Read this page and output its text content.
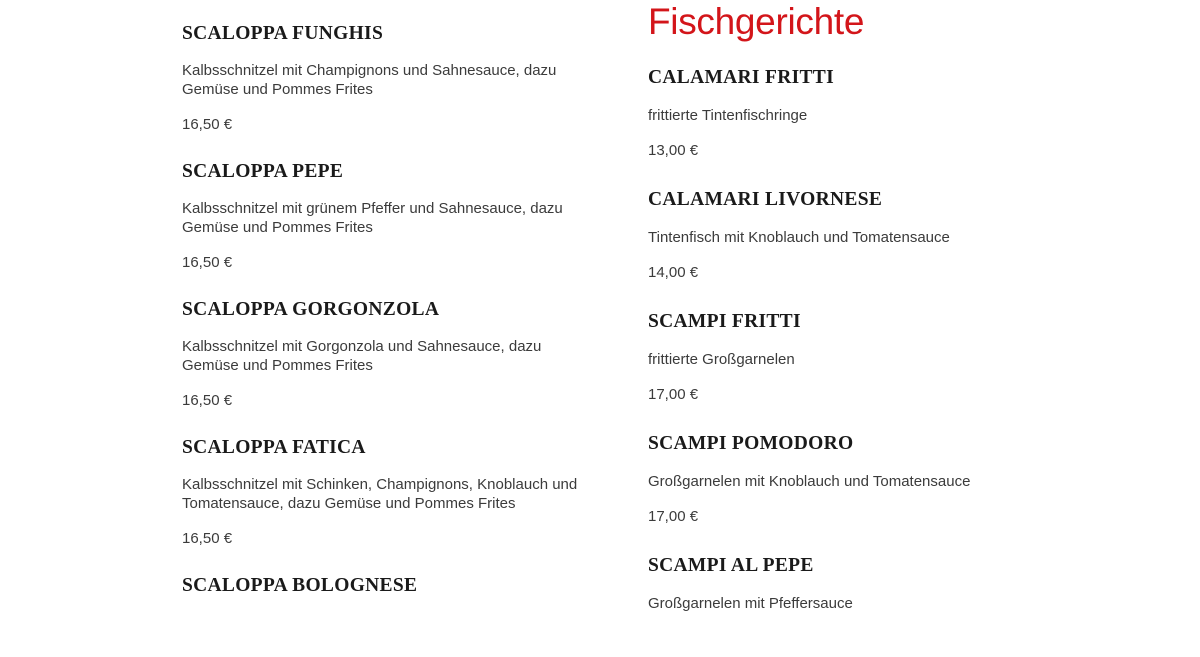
SCALOPPA FUNGHIS

Kalbsschnitzel mit Champignons und Sahnesauce, dazu Gemüse und Pommes Frites

16,50 €

SCALOPPA PEPE

Kalbsschnitzel mit grünem Pfeffer und Sahnesauce, dazu Gemüse und Pommes Frites

16,50 €

SCALOPPA GORGONZOLA

Kalbsschnitzel mit Gorgonzola und Sahnesauce, dazu Gemüse und Pommes Frites

16,50 €

SCALOPPA FATICA

Kalbsschnitzel mit Schinken, Champignons, Knoblauch und Tomatensauce, dazu Gemüse und Pommes Frites

16,50 €

SCALOPPA BOLOGNESE
Fischgerichte
CALAMARI FRITTI

frittierte Tintenfischringe

13,00 €

CALAMARI LIVORNESE

Tintenfisch mit Knoblauch und Tomatensauce

14,00 €

SCAMPI FRITTI

frittierte Großgarnelen

17,00 €

SCAMPI POMODORO

Großgarnelen mit Knoblauch und Tomatensauce

17,00 €

SCAMPI AL PEPE

Großgarnelen mit Pfeffersauce
